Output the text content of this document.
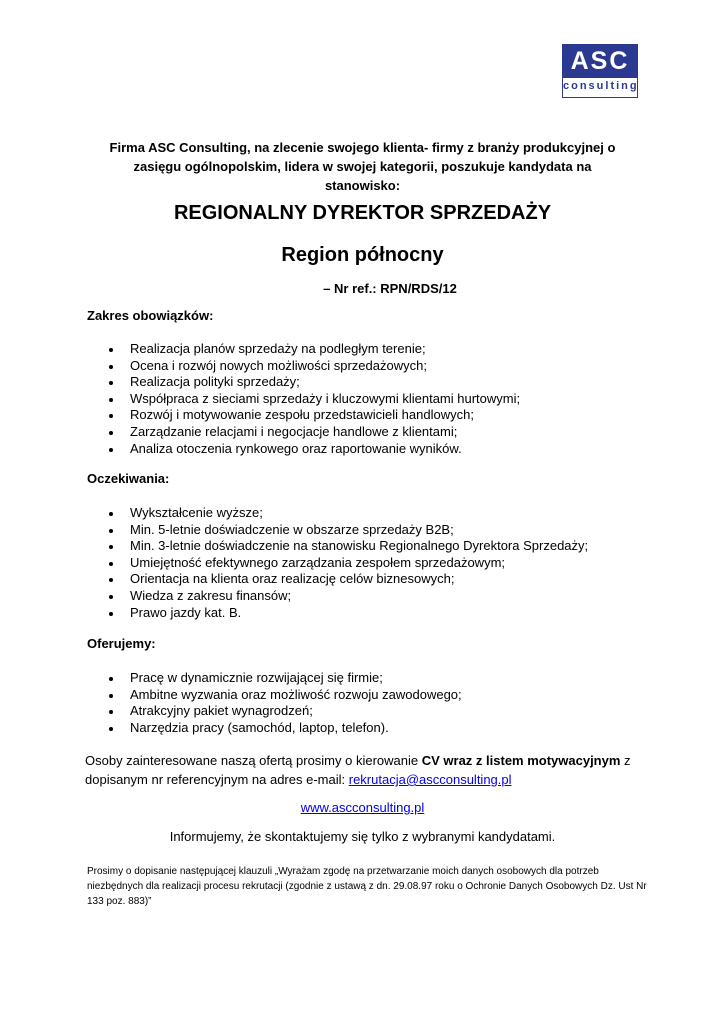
ASC
consulting
Firma ASC Consulting, na zlecenie swojego klienta- firmy z branży produkcyjnej o zasięgu ogólnopolskim, lidera w swojej kategorii, poszukuje kandydata na stanowisko:
REGIONALNY DYREKTOR SPRZEDAŻY
Region północny
– Nr ref.: RPN/RDS/12
Zakres obowiązków:
Realizacja planów sprzedaży na podległym terenie;
Ocena i rozwój nowych możliwości sprzedażowych;
Realizacja polityki sprzedaży;
Współpraca z sieciami sprzedaży i kluczowymi klientami hurtowymi;
Rozwój i motywowanie zespołu przedstawicieli handlowych;
Zarządzanie relacjami i negocjacje handlowe z klientami;
Analiza otoczenia rynkowego oraz raportowanie wyników.
Oczekiwania:
Wykształcenie wyższe;
Min. 5-letnie doświadczenie w obszarze sprzedaży B2B;
Min. 3-letnie doświadczenie na stanowisku Regionalnego Dyrektora Sprzedaży;
Umiejętność efektywnego zarządzania zespołem sprzedażowym;
Orientacja na klienta oraz realizację celów biznesowych;
Wiedza z zakresu finansów;
Prawo jazdy kat. B.
Oferujemy:
Pracę w dynamicznie rozwijającej się firmie;
Ambitne wyzwania oraz możliwość rozwoju zawodowego;
Atrakcyjny pakiet wynagrodzeń;
Narzędzia pracy (samochód, laptop, telefon).
Osoby zainteresowane naszą ofertą prosimy o kierowanie CV wraz z listem motywacyjnym z dopisanym nr referencyjnym na adres e-mail: rekrutacja@ascconsulting.pl
www.ascconsulting.pl
Informujemy, że skontaktujemy się tylko z wybranymi kandydatami.
Prosimy o dopisanie następującej klauzuli „Wyrażam zgodę na przetwarzanie moich danych osobowych dla potrzeb niezbędnych dla realizacji procesu rekrutacji (zgodnie z ustawą z dn. 29.08.97 roku o Ochronie Danych Osobowych Dz. Ust Nr 133 poz. 883)”
